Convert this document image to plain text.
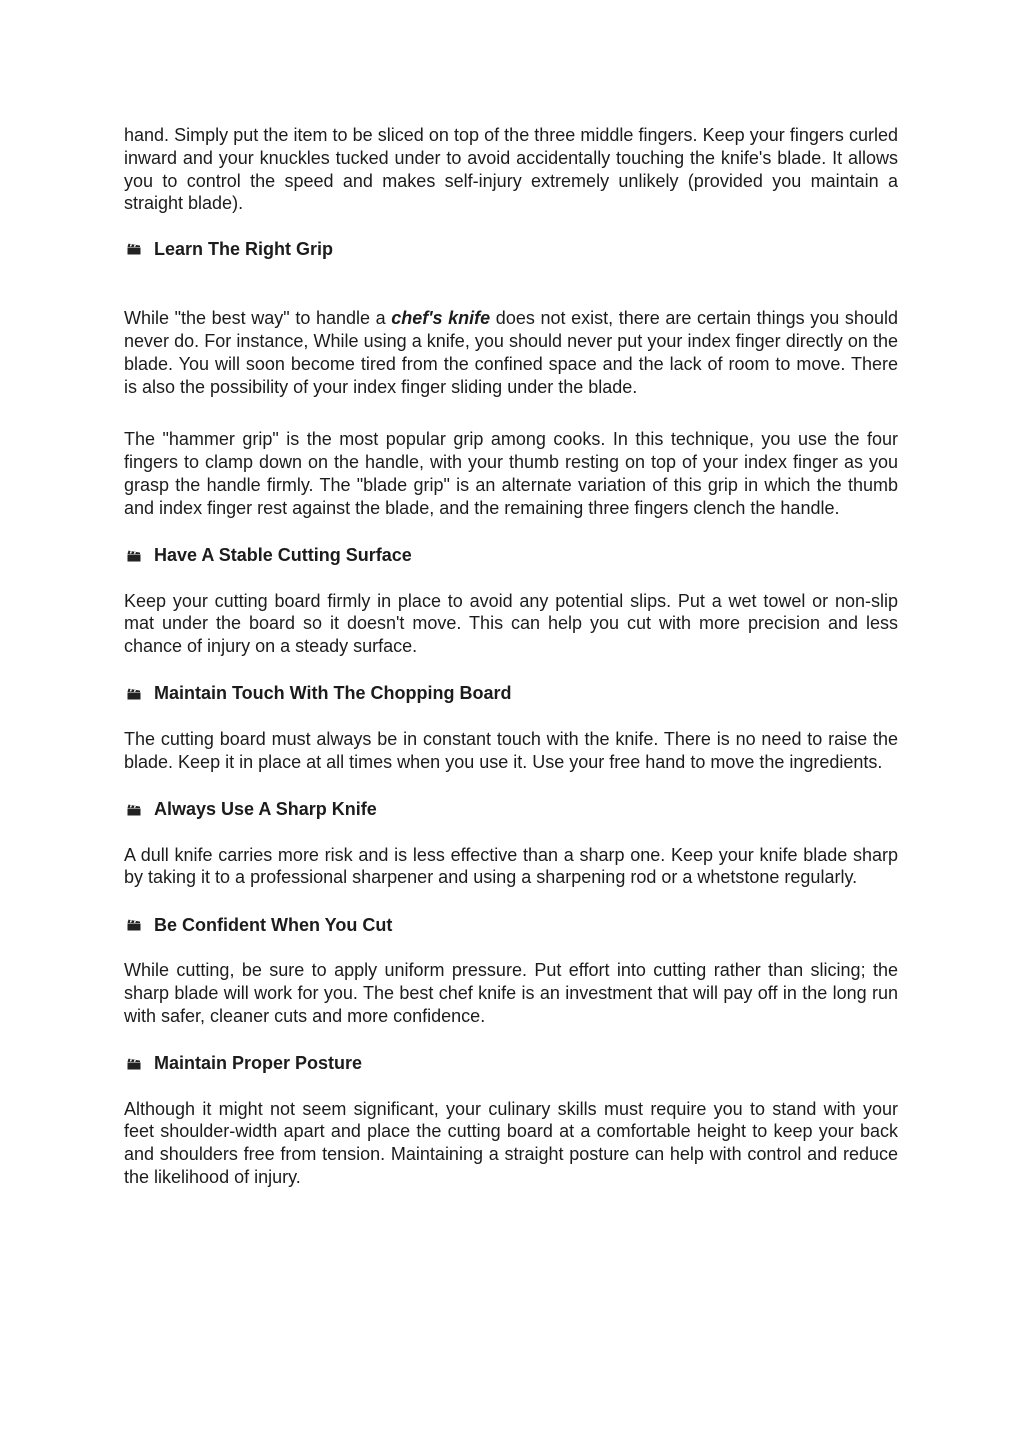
hand. Simply put the item to be sliced on top of the three middle fingers. Keep your fingers curled inward and your knuckles tucked under to avoid accidentally touching the knife's blade. It allows you to control the speed and makes self-injury extremely unlikely (provided you maintain a straight blade).

Learn The Right Grip

While "the best way" to handle a chef's knife does not exist, there are certain things you should never do. For instance, While using a knife, you should never put your index finger directly on the blade. You will soon become tired from the confined space and the lack of room to move. There is also the possibility of your index finger sliding under the blade.

The "hammer grip" is the most popular grip among cooks. In this technique, you use the four fingers to clamp down on the handle, with your thumb resting on top of your index finger as you grasp the handle firmly. The "blade grip" is an alternate variation of this grip in which the thumb and index finger rest against the blade, and the remaining three fingers clench the handle.

Have A Stable Cutting Surface

Keep your cutting board firmly in place to avoid any potential slips. Put a wet towel or non-slip mat under the board so it doesn't move. This can help you cut with more precision and less chance of injury on a steady surface.

Maintain Touch With The Chopping Board

The cutting board must always be in constant touch with the knife. There is no need to raise the blade. Keep it in place at all times when you use it. Use your free hand to move the ingredients.

Always Use A Sharp Knife

A dull knife carries more risk and is less effective than a sharp one. Keep your knife blade sharp by taking it to a professional sharpener and using a sharpening rod or a whetstone regularly.

Be Confident When You Cut

While cutting, be sure to apply uniform pressure. Put effort into cutting rather than slicing; the sharp blade will work for you. The best chef knife is an investment that will pay off in the long run with safer, cleaner cuts and more confidence.

Maintain Proper Posture

Although it might not seem significant, your culinary skills must require you to stand with your feet shoulder-width apart and place the cutting board at a comfortable height to keep your back and shoulders free from tension. Maintaining a straight posture can help with control and reduce the likelihood of injury.
